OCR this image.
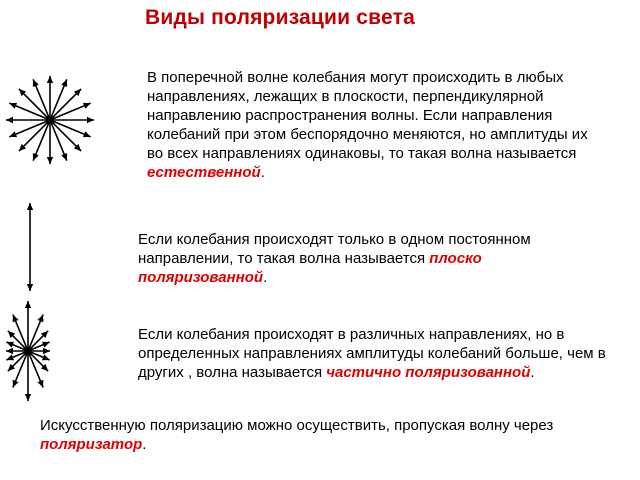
Виды поляризации света
В поперечной волне колебания могут происходить в любых направлениях, лежащих в плоскости, перпендикулярной направлению распространения волны. Если направления колебаний при этом беспорядочно меняются, но амплитуды их во всех направлениях одинаковы, то такая волна называется естественной.
Если колебания происходят только в одном постоянном направлении, то такая волна называется плоско поляризованной.
Если колебания происходят в различных направлениях, но в определенных направлениях амплитуды колебаний больше, чем в других , волна называется частично поляризованной.
Искусственную поляризацию можно осуществить, пропуская волну через поляризатор.
